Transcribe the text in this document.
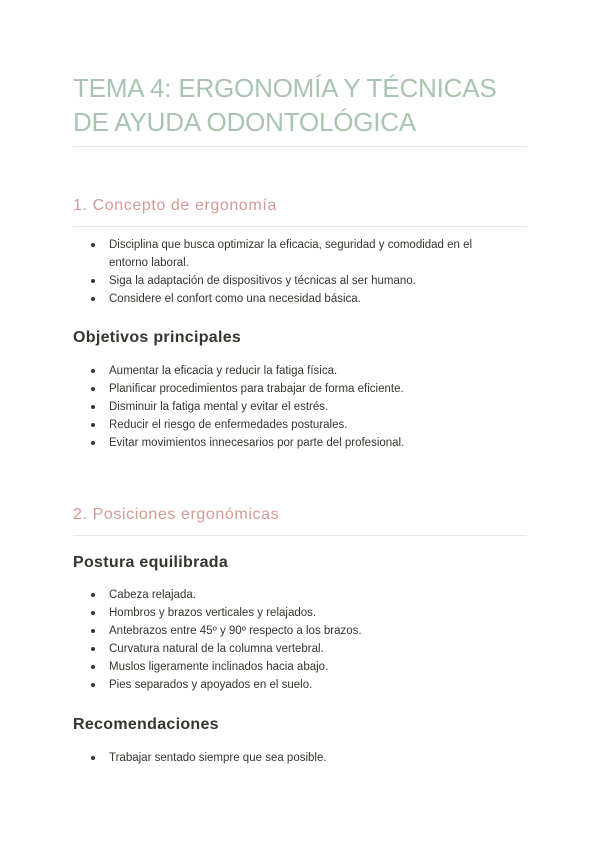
TEMA 4: ERGONOMÍA Y TÉCNICAS DE AYUDA ODONTOLÓGICA
1. Concepto de ergonomía
Disciplina que busca optimizar la eficacia, seguridad y comodidad en el entorno laboral.
Siga la adaptación de dispositivos y técnicas al ser humano.
Considere el confort como una necesidad básica.
Objetivos principales
Aumentar la eficacia y reducir la fatiga física.
Planificar procedimientos para trabajar de forma eficiente.
Disminuir la fatiga mental y evitar el estrés.
Reducir el riesgo de enfermedades posturales.
Evitar movimientos innecesarios por parte del profesional.
2. Posiciones ergonómicas
Postura equilibrada
Cabeza relajada.
Hombros y brazos verticales y relajados.
Antebrazos entre 45º y 90º respecto a los brazos.
Curvatura natural de la columna vertebral.
Muslos ligeramente inclinados hacia abajo.
Pies separados y apoyados en el suelo.
Recomendaciones
Trabajar sentado siempre que sea posible.
